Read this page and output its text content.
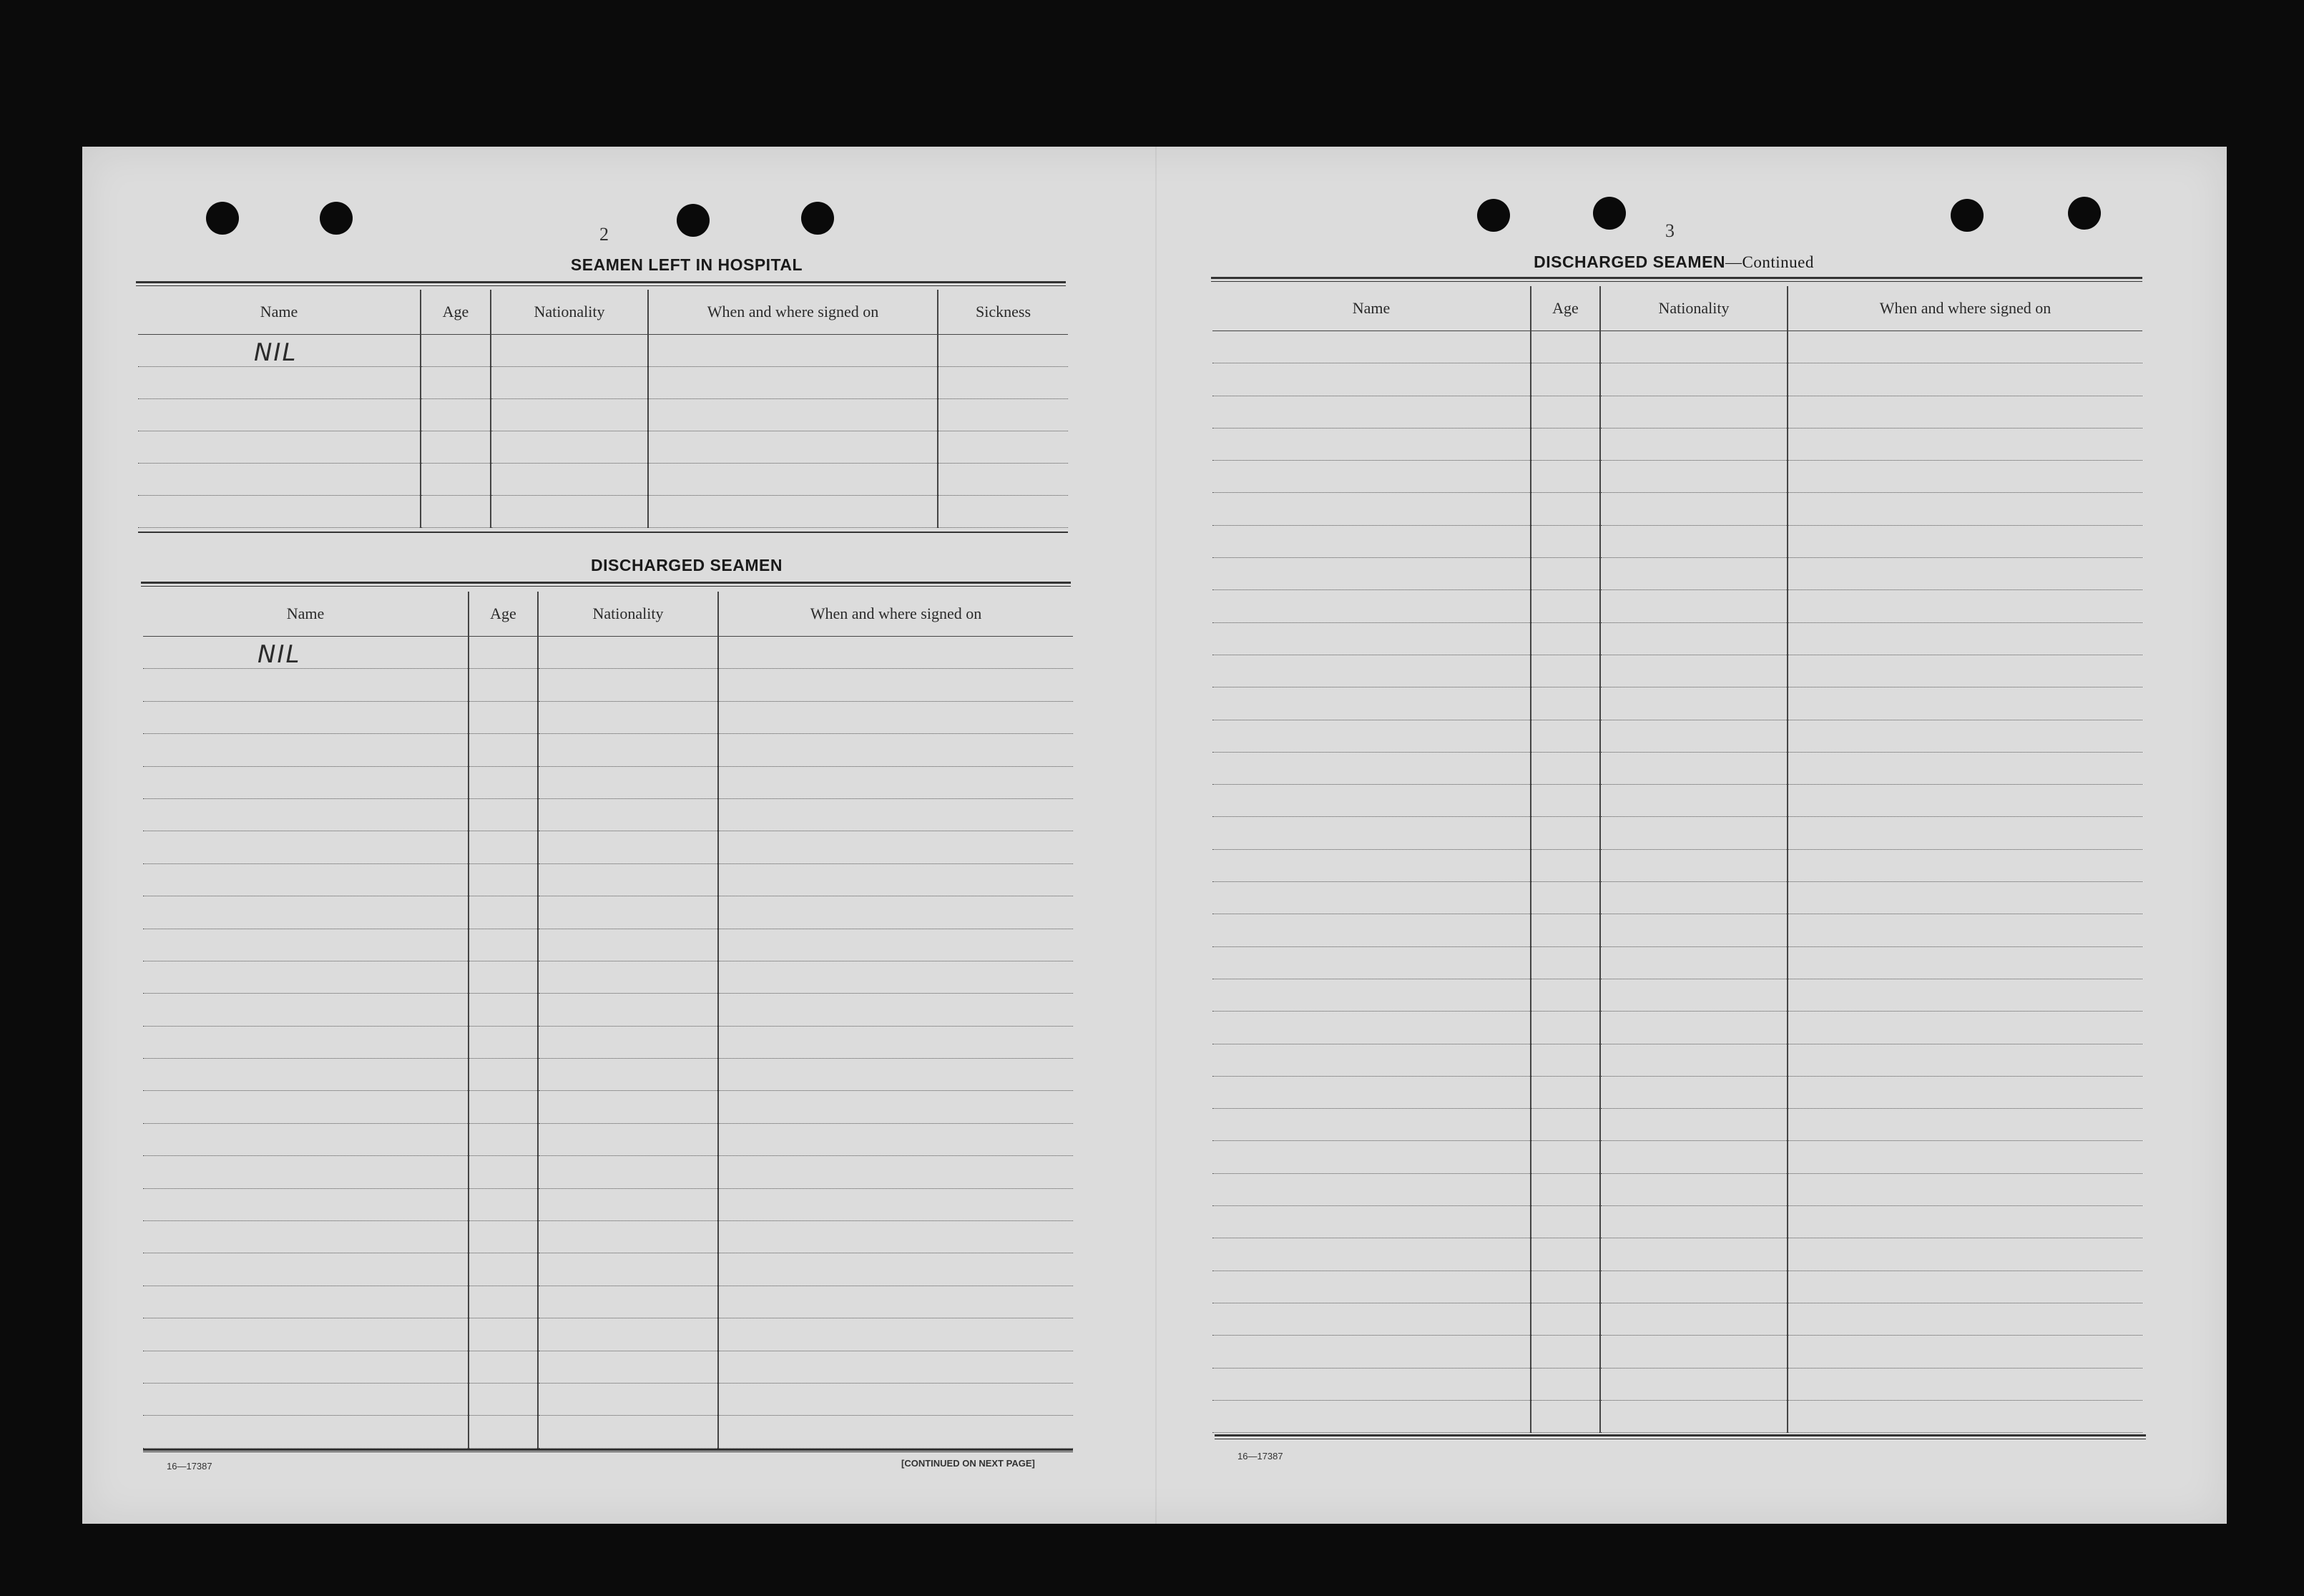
2
SEAMEN LEFT IN HOSPITAL
Name	Age	Nationality	When and where signed on	Sickness

NIL
DISCHARGED SEAMEN
Name	Age	Nationality	When and where signed on

NIL
16—17387	[CONTINUED ON NEXT PAGE]
3
DISCHARGED SEAMEN—Continued
Name	Age	Nationality	When and where signed on

16—17387
